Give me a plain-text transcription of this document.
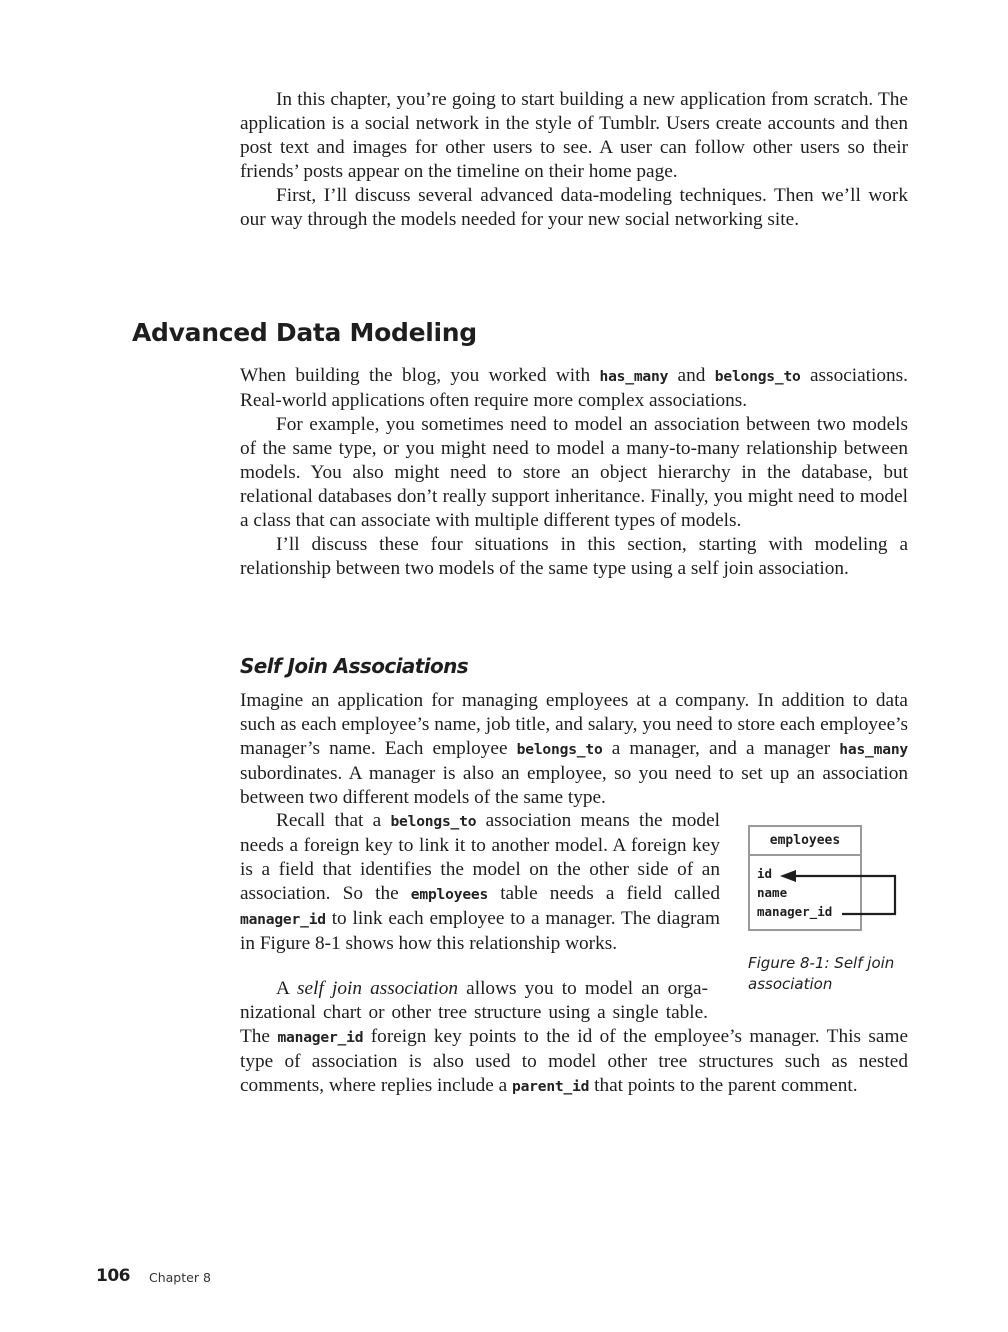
In this chapter, you’re going to start building a new application from scratch. The application is a social network in the style of Tumblr. Users create accounts and then post text and images for other users to see. A user can follow other users so their friends’ posts appear on the timeline on their home page.

First, I’ll discuss several advanced data-modeling techniques. Then we’ll work our way through the models needed for your new social networking site.

Advanced Data Modeling

When building the blog, you worked with has_many and belongs_to associations. Real-world applications often require more complex associations.

For example, you sometimes need to model an association between two models of the same type, or you might need to model a many-to-many relationship between models. You also might need to store an object hierarchy in the database, but relational databases don’t really support inheritance. Finally, you might need to model a class that can associate with multiple different types of models.

I’ll discuss these four situations in this section, starting with modeling a relationship between two models of the same type using a self join association.

Self Join Associations

Imagine an application for managing employees at a company. In addition to data such as each employee’s name, job title, and salary, you need to store each employee’s manager’s name. Each employee belongs_to a manager, and a manager has_many subordinates. A manager is also an employee, so you need to set up an association between two different models of the same type.

Recall that a belongs_to association means the model needs a foreign key to link it to another model. A foreign key is a field that identifies the model on the other side of an association. So the employees table needs a field called manager_id to link each employee to a manager. The diagram in Figure 8-1 shows how this relationship works.

A self join association allows you to model an organizational chart or other tree structure using a single table. The manager_id foreign key points to the id of the employee’s manager. This same type of association is also used to model other tree structures such as nested comments, where replies include a parent_id that points to the parent comment.

employees
id
name
manager_id
Figure 8-1: Self join
association
106 Chapter 8
